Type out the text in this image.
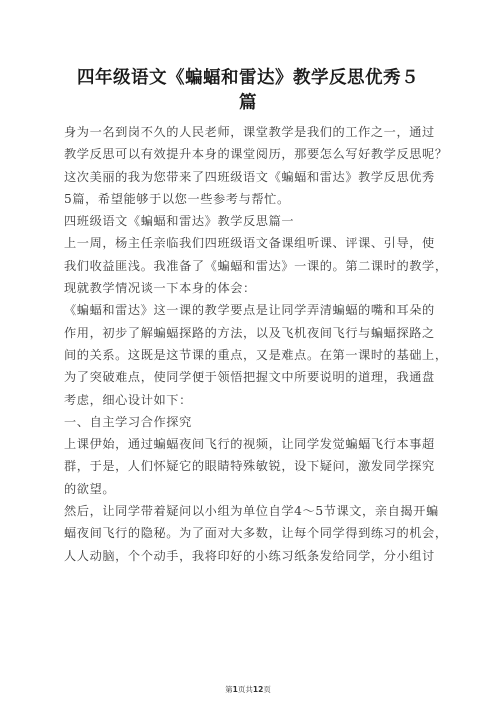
四年级语文《蝙蝠和雷达》教学反思优秀５
篇
身为一名到岗不久的人民老师，课堂教学是我们的工作之一，通过
教学反思可以有效提升本身的课堂阅历，那要怎么写好教学反思呢？
这次美丽的我为您带来了四班级语文《蝙蝠和雷达》教学反思优秀
5篇，希望能够于以您一些参考与帮忙。
四班级语文《蝙蝠和雷达》教学反思篇一
上一周，杨主任亲临我们四班级语文备课组听课、评课、引导，使
我们收益匪浅。我准备了《蝙蝠和雷达》一课的。第二课时的教学，
现就教学情况谈一下本身的体会：
《蝙蝠和雷达》这一课的教学要点是让同学弄清蝙蝠的嘴和耳朵的
作用，初步了解蝙蝠探路的方法，以及飞机夜间飞行与蝙蝠探路之
间的关系。这既是这节课的重点，又是难点。在第一课时的基础上，
为了突破难点，使同学便于领悟把握文中所要说明的道理，我通盘
考虑，细心设计如下：
一、自主学习合作探究
上课伊始，通过蝙蝠夜间飞行的视频，让同学发觉蝙蝠飞行本事超
群，于是，人们怀疑它的眼睛特殊敏锐，设下疑问，激发同学探究
的欲望。
然后，让同学带着疑问以小组为单位自学4～5节课文，亲自揭开蝙
蝠夜间飞行的隐秘。为了面对大多数，让每个同学得到练习的机会，
人人动脑，个个动手，我将印好的小练习纸条发给同学，分小组讨
第1页共12页
